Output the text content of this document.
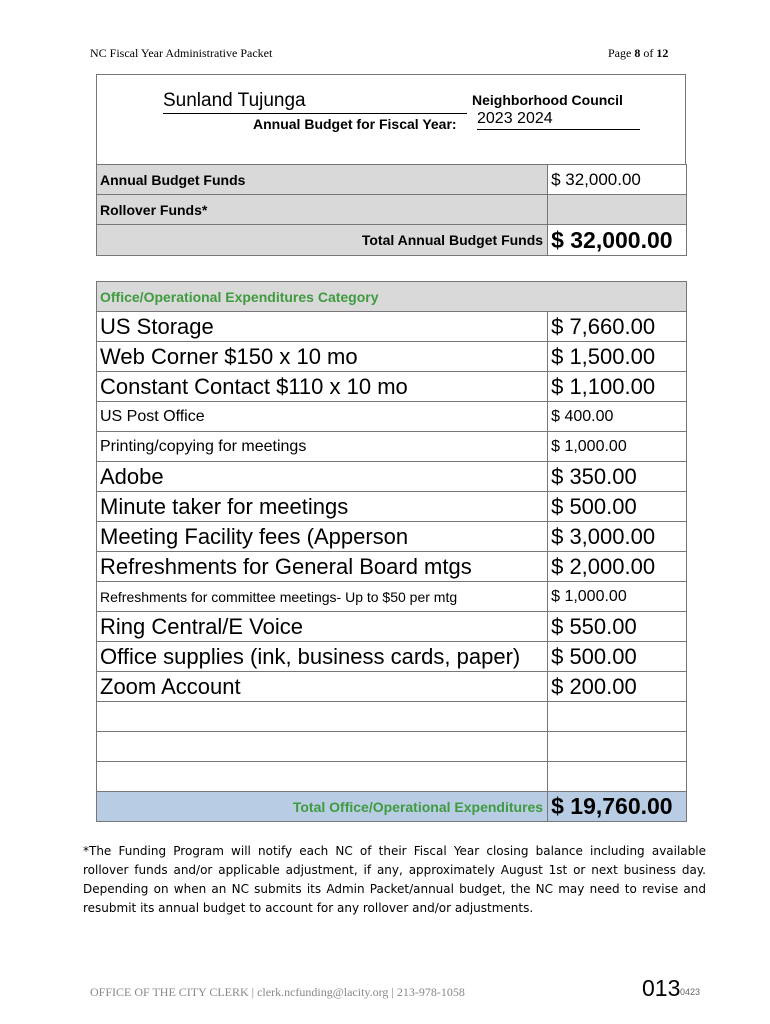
NC Fiscal Year Administrative Packet	Page 8 of 12
Sunland Tujunga	Neighborhood Council
Annual Budget for Fiscal Year: 2023 2024
Annual Budget Funds	$ 32,000.00
Rollover Funds*	
Total Annual Budget Funds	$ 32,000.00
Office/Operational Expenditures Category	
US Storage	$ 7,660.00
Web Corner $150 x 10 mo	$ 1,500.00
Constant Contact $110 x 10 mo	$ 1,100.00
US Post Office	$ 400.00
Printing/copying for meetings	$ 1,000.00
Adobe	$ 350.00
Minute taker for meetings	$ 500.00
Meeting Facility fees (Apperson	$ 3,000.00
Refreshments for General Board mtgs	$ 2,000.00
Refreshments for committee meetings- Up to $50 per mtg	$ 1,000.00
Ring Central/E Voice	$ 550.00
Office supplies (ink, business cards, paper)	$ 500.00
Zoom Account	$ 200.00

Total Office/Operational Expenditures	$ 19,760.00
*The Funding Program will notify each NC of their Fiscal Year closing balance including available rollover funds and/or applicable adjustment, if any, approximately August 1st or next business day. Depending on when an NC submits its Admin Packet/annual budget, the NC may need to revise and resubmit its annual budget to account for any rollover and/or adjustments.
OFFICE OF THE CITY CLERK | clerk.ncfunding@lacity.org | 213-978-1058	013 0423
